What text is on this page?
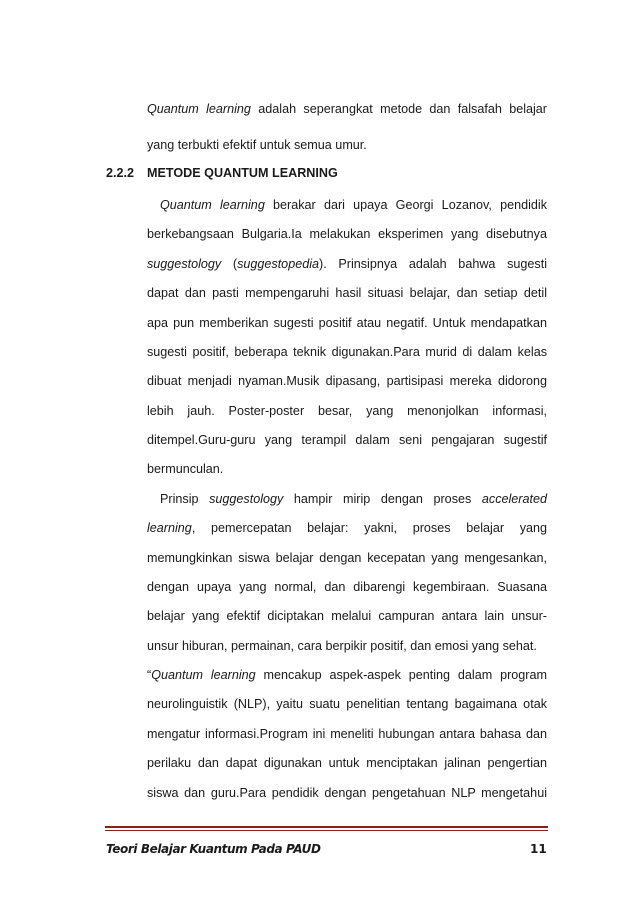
Quantum learning adalah seperangkat metode dan falsafah belajar
yang terbukti efektif untuk semua umur.
2.2.2 METODE QUANTUM LEARNING
Quantum learning berakar dari upaya Georgi Lozanov, pendidik
berkebangsaan Bulgaria.Ia melakukan eksperimen yang disebutnya
suggestology (suggestopedia). Prinsipnya adalah bahwa sugesti
dapat dan pasti mempengaruhi hasil situasi belajar, dan setiap detil
apa pun memberikan sugesti positif atau negatif. Untuk mendapatkan
sugesti positif, beberapa teknik digunakan.Para murid di dalam kelas
dibuat menjadi nyaman.Musik dipasang, partisipasi mereka didorong
lebih jauh. Poster-poster besar, yang menonjolkan informasi,
ditempel.Guru-guru yang terampil dalam seni pengajaran sugestif
bermunculan.
Prinsip suggestology hampir mirip dengan proses accelerated
learning, pemercepatan belajar: yakni, proses belajar yang
memungkinkan siswa belajar dengan kecepatan yang mengesankan,
dengan upaya yang normal, dan dibarengi kegembiraan. Suasana
belajar yang efektif diciptakan melalui campuran antara lain unsur-
unsur hiburan, permainan, cara berpikir positif, dan emosi yang sehat.
“Quantum learning mencakup aspek-aspek penting dalam program
neurolinguistik (NLP), yaitu suatu penelitian tentang bagaimana otak
mengatur informasi.Program ini meneliti hubungan antara bahasa dan
perilaku dan dapat digunakan untuk menciptakan jalinan pengertian
siswa dan guru.Para pendidik dengan pengetahuan NLP mengetahui
Teori Belajar Kuantum Pada PAUD	11
